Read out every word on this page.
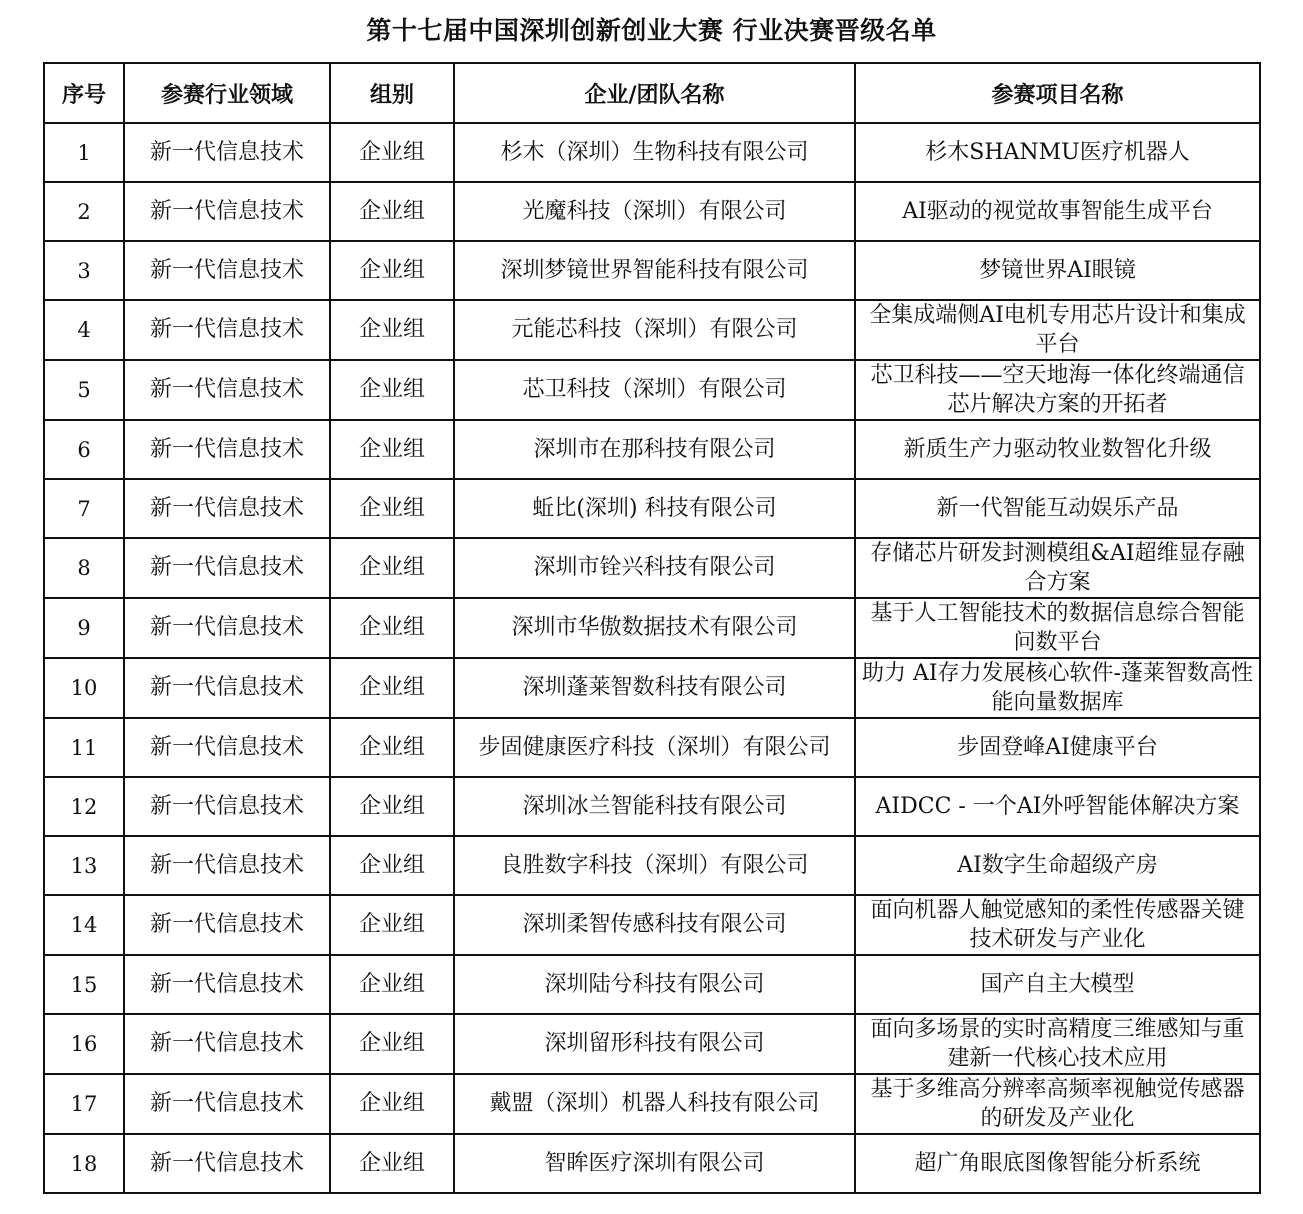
第十七届中国深圳创新创业大赛 行业决赛晋级名单
序号	参赛行业领域	组别	企业/团队名称	参赛项目名称
1	新一代信息技术	企业组	杉木（深圳）生物科技有限公司	杉木SHANMU医疗机器人
2	新一代信息技术	企业组	光魔科技（深圳）有限公司	AI驱动的视觉故事智能生成平台
3	新一代信息技术	企业组	深圳梦镜世界智能科技有限公司	梦镜世界AI眼镜
4	新一代信息技术	企业组	元能芯科技（深圳）有限公司	全集成端侧AI电机专用芯片设计和集成平台
5	新一代信息技术	企业组	芯卫科技（深圳）有限公司	芯卫科技——空天地海一体化终端通信芯片解决方案的开拓者
6	新一代信息技术	企业组	深圳市在那科技有限公司	新质生产力驱动牧业数智化升级
7	新一代信息技术	企业组	蚯比(深圳) 科技有限公司	新一代智能互动娱乐产品
8	新一代信息技术	企业组	深圳市铨兴科技有限公司	存储芯片研发封测模组&AI超维显存融合方案
9	新一代信息技术	企业组	深圳市华傲数据技术有限公司	基于人工智能技术的数据信息综合智能问数平台
10	新一代信息技术	企业组	深圳蓬莱智数科技有限公司	助力 AI存力发展核心软件-蓬莱智数高性能向量数据库
11	新一代信息技术	企业组	步固健康医疗科技（深圳）有限公司	步固登峰AI健康平台
12	新一代信息技术	企业组	深圳冰兰智能科技有限公司	AIDCC - 一个AI外呼智能体解决方案
13	新一代信息技术	企业组	良胜数字科技（深圳）有限公司	AI数字生命超级产房
14	新一代信息技术	企业组	深圳柔智传感科技有限公司	面向机器人触觉感知的柔性传感器关键技术研发与产业化
15	新一代信息技术	企业组	深圳陆兮科技有限公司	国产自主大模型
16	新一代信息技术	企业组	深圳留形科技有限公司	面向多场景的实时高精度三维感知与重建新一代核心技术应用
17	新一代信息技术	企业组	戴盟（深圳）机器人科技有限公司	基于多维高分辨率高频率视触觉传感器的研发及产业化
18	新一代信息技术	企业组	智眸医疗深圳有限公司	超广角眼底图像智能分析系统
